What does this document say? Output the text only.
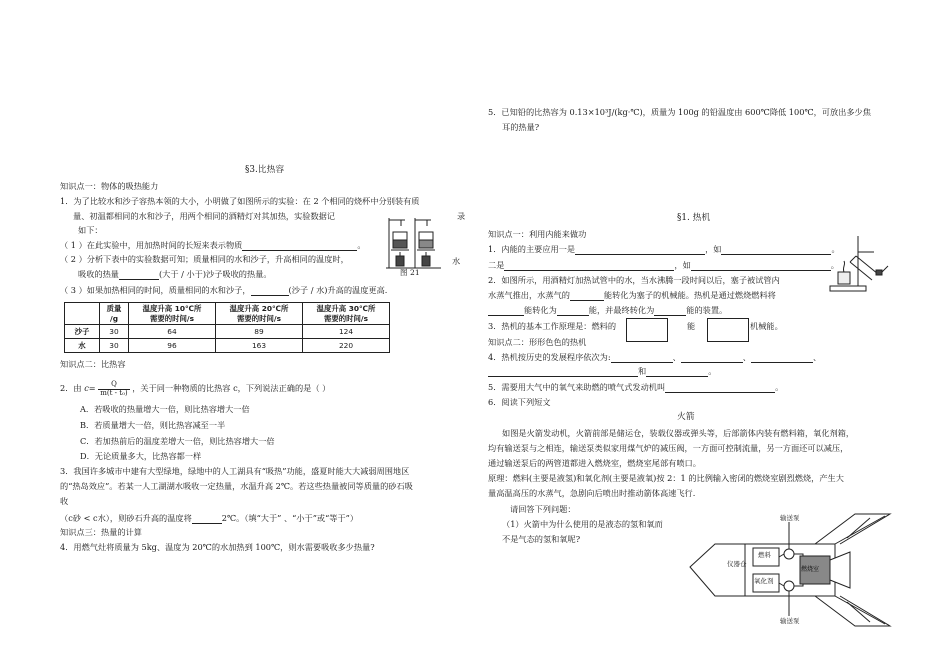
§3.比热容
知识点一：物体的吸热能力
1．为了比较水和沙子容热本领的大小，小明做了如图所示的实验：在 2 个相同的烧杯中分别装有质
量、初温都相同的水和沙子，用两个相同的酒精灯对其加热，实验数据记	录
如下：
（ 1 ）在此实验中，用加热时间的长短来表示物质	。
（ 2 ）分析下表中的实验数据可知；质量相同的水和沙子，升高相同的温度时，	水
吸收的热量	(大于 / 小于)沙子吸收的热量。
（ 3 ）如果加热相同的时间，质量相同的水和沙子，	(沙子 / 水)升高的温度更高.
图 21
	质量
/g	温度升高 10℃所
需要的时间/s	温度升高 20℃所
需要的时间/s	温度升高 30℃所
需要的时间/s
沙子	30	64	89	124
水	30	96	163	220
知识点二：比热容
2．由 $c= \frac{Q}{\text{m(t - t₀)}}$ ，关于同一种物质的比热容 c，下列说法正确的是（ ）
A．若吸收的热量增大一倍，则比热容增大一倍
B．若质量增大一倍，则比热容减至一半
C．若加热前后的温度差增大一倍，则比热容增大一倍
D．无论质量多大，比热容都一样
3．我国许多城市中建有大型绿地，绿地中的人工湖具有“吸热”功能，盛夏时能大大减弱周围地区
的“热岛效应”。若某一人工湖湖水吸收一定热量，水温升高 2℃。若这些热量被同等质量的砂石吸
收
（c砂 < c水），则砂石升高的温度将	2℃。（填“大于” 、“小于”或“等于”）
知识点三：热量的计算
4．用燃气灶将质量为 5kg、温度为 20℃的水加热到 100℃，则水需要吸收多少热量?
5．已知铅的比热容为 0.13×10³J/(kg·℃)，质量为 100g 的铅温度由 600℃降低 100℃，可放出多少焦
耳的热量?
§1. 热机
知识点一：利用内能来做功
1．内能的主要应用一是	，如	。
二是	，如	。
2．如图所示，用酒精灯加热试管中的水，当水沸腾一段时间以后，塞子被试管内
水蒸气推出，水蒸气的	能转化为塞子的机械能。热机是通过燃烧燃料将
能转化为	能，并最终转化为	能的装置。
3．热机的基本工作原理是：燃料的	能	机械能。
知识点二：形形色色的热机
4．热机按历史的发展程序依次为:	、	、	、
和	。
5．需要用大气中的氧气来助燃的喷气式发动机叫	。
6．阅读下列短文
火箭
如图是火箭发动机，火箭前部是储运仓，装载仪器或弹头等，后部箭体内装有燃料箱，氧化剂箱，
均有输送泵与之相连，输送泵类似家用煤气炉的减压阀，一方面可控制流量，另一方面还可以减压，
通过输送泵后的两管道都进入燃烧室，燃烧室尾部有喷口。
原理：燃料(主要是液氢)和氧化剂(主要是液氧)按 2：1 的比例输入密闭的燃烧室剧烈燃烧，产生大
量高温高压的水蒸气，急剧向后喷出时推动箭体高速飞行.
请回答下列问题：
（1）火箭中为什么使用的是液态的氢和氧而
不是气态的氢和氧呢?
仪器仓
燃料
氧化剂
输送泵
输送泵
燃烧室
